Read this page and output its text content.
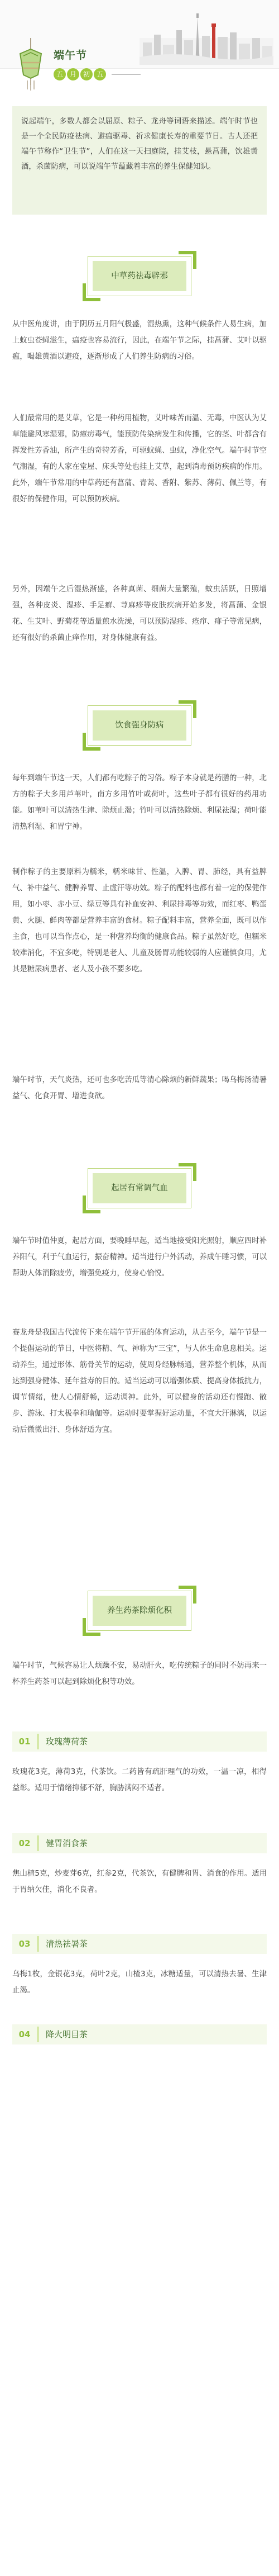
端午节
五 月 初 五

说起端午，多数人都会以屈原、粽子、龙舟等词语来描述。端午时节也是一个全民防疫祛病、避瘟驱毒、祈求健康长寿的重要节日。古人还把端午节称作“卫生节”，人们在这一天扫庭院，挂艾枝，悬菖蒲，饮雄黄酒，杀菌防病，可以说端午节蕴藏着丰富的养生保健知识。

中草药祛毒辟邪

从中医角度讲，由于阴历五月阳气极盛，湿热熏，这种气候条件人易生病，加上蚊虫苍蝇滋生，瘟疫也容易流行，因此，在端午节之际，挂菖蒲、艾叶以驱瘟，喝雄黄酒以避疫，逐渐形成了人们养生防病的习俗。

人们最常用的是艾草，它是一种药用植物，艾叶味苦而温、无毒，中医认为艾草能避风寒湿邪，防瘴疠毒气，能预防传染病发生和传播，它的茎、叶都含有挥发性芳香油，所产生的奇特芳香，可驱蚊蝇、虫蚁，净化空气。端午时节空气潮湿，有的人家在堂屋、床头等处也挂上艾草，起到消毒预防疾病的作用。此外，端午节常用的中草药还有菖蒲、青蒿、香附、紫苏、薄荷、佩兰等，有很好的保健作用，可以预防疾病。

另外，因端午之后湿热渐盛，各种真菌、细菌大量繁殖，蚊虫活跃，日照增强，各种皮炎、湿疹、手足癣、荨麻疹等皮肤疾病开始多发，将菖蒲、金银花、生艾叶、野菊花等适量煎水洗澡，可以预防湿疹、疮疖、痱子等常见病，还有很好的杀菌止痒作用，对身体健康有益。

饮食强身防病

每年到端午节这一天，人们都有吃粽子的习俗。粽子本身就是药膳的一种，北方的粽子大多用芦苇叶，南方多用竹叶或荷叶，这些叶子都有很好的药用功能。如苇叶可以清热生津、除烦止渴；竹叶可以清热除烦、利尿祛湿；荷叶能清热利湿、和胃宁神。

制作粽子的主要原料为糯米，糯米味甘、性温，入脾、胃、肺经，具有益脾气、补中益气、健脾养胃、止虚汗等功效。粽子的配料也都有着一定的保健作用，如小枣、赤小豆、绿豆等具有补血安神、利尿排毒等功效，而红枣、鸭蛋黄、火腿、鲜肉等都是营养丰富的食材。粽子配料丰富，营养全面，既可以作主食，也可以当作点心，是一种营养均衡的健康食品。粽子虽然好吃，但糯米较难消化，不宜多吃，特别是老人、儿童及肠胃功能较弱的人应谨慎食用，尤其是糖尿病患者、老人及小孩不要多吃。

端午时节，天气炎热，还可也多吃苦瓜等清心除烦的新鲜蔬果；喝乌梅汤清暑益气、化食开胃、增进食欲。

起居有常调气血

端午节时值仲夏，起居方面，要晚睡早起，适当地接受阳光照射，顺应四时补养阳气，利于气血运行，振奋精神。适当进行户外活动，养成午睡习惯，可以帮助人体消除疲劳，增强免疫力，使身心愉悦。

赛龙舟是我国古代流传下来在端午节开展的体育运动，从古至今，端午节是一个提倡运动的节日，中医将精、气、神称为“三宝”，与人体生命息息相关。运动养生，通过形体、筋骨关节的运动，使周身经脉畅通，营养整个机体，从而达到强身健体、延年益寿的目的。适当运动可以增强体质、提高身体抵抗力，调节情绪，使人心情舒畅，运动调神。此外，可以健身的活动还有慢跑、散步、游泳、打太极拳和瑜伽等。运动时要掌握好运动量，不宜大汗淋漓，以运动后微微出汗、身体舒适为宜。

养生药茶除烦化积

端午时节，气候容易让人烦躁不安，易动肝火，吃传统粽子的同时不妨再来一杯养生药茶可以起到除烦化积等功效。

01	玫瑰薄荷茶

玫瑰花3克，薄荷3克，代茶饮。二药皆有疏肝理气的功效，一温一凉，相得益彰。适用于情绪抑郁不舒，胸胁满闷不适者。

02	健胃消食茶

焦山楂5克，炒麦芽6克，红参2克，代茶饮，有健脾和胃、消食的作用。适用于胃纳欠佳，消化不良者。

03	清热祛暑茶

乌梅1枚，金银花3克，荷叶2克，山楂3克，冰糖适量，可以清热去暑、生津止渴。

04	降火明目茶
